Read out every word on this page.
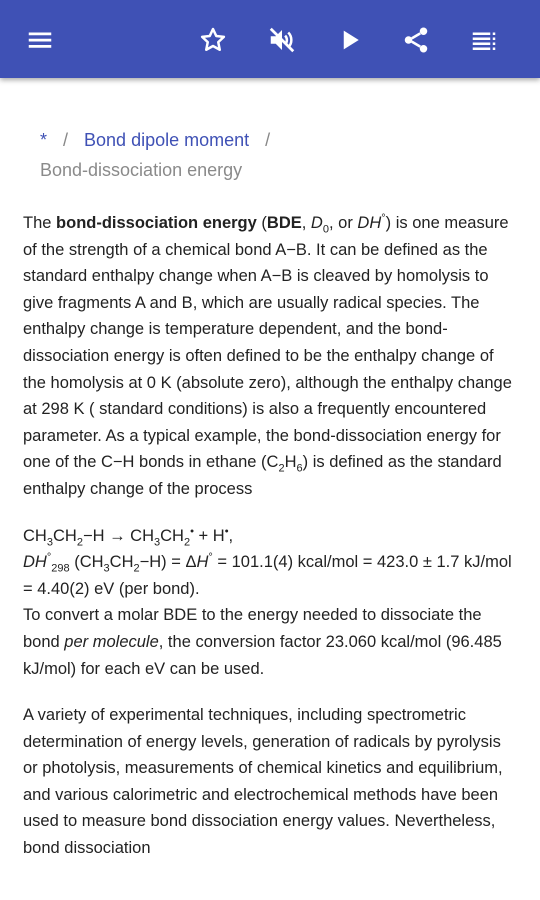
* / Bond dipole moment /
Bond-dissociation energy

The bond-dissociation energy (BDE, $D_0$, or DH°) is one measure of the strength of a chemical bond A−B. It can be defined as the standard enthalpy change when A−B is cleaved by homolysis to give fragments A and B, which are usually radical species. The enthalpy change is temperature dependent, and the bond-dissociation energy is often defined to be the enthalpy change of the homolysis at 0 K (absolute zero), although the enthalpy change at 298 K ( standard conditions) is also a frequently encountered parameter. As a typical example, the bond-dissociation energy for one of the C−H bonds in ethane $(C_2H_6)$ is defined as the standard enthalpy change of the process

$CH_3CH_2-H \to CH_3CH_2^• + H^•$,
$DH^\circ_{298}$ $(CH_3CH_2-H) = \Delta H^\circ = 101.1(4)$ kcal/mol = 423.0 ± 1.7 kJ/mol = 4.40(2) eV (per bond).

To convert a molar BDE to the energy needed to dissociate the bond per molecule, the conversion factor 23.060 kcal/mol (96.485 kJ/mol) for each eV can be used.

A variety of experimental techniques, including spectrometric determination of energy levels, generation of radicals by pyrolysis or photolysis, measurements of chemical kinetics and equilibrium, and various calorimetric and electrochemical methods have been used to measure bond dissociation energy values. Nevertheless, bond dissociation
